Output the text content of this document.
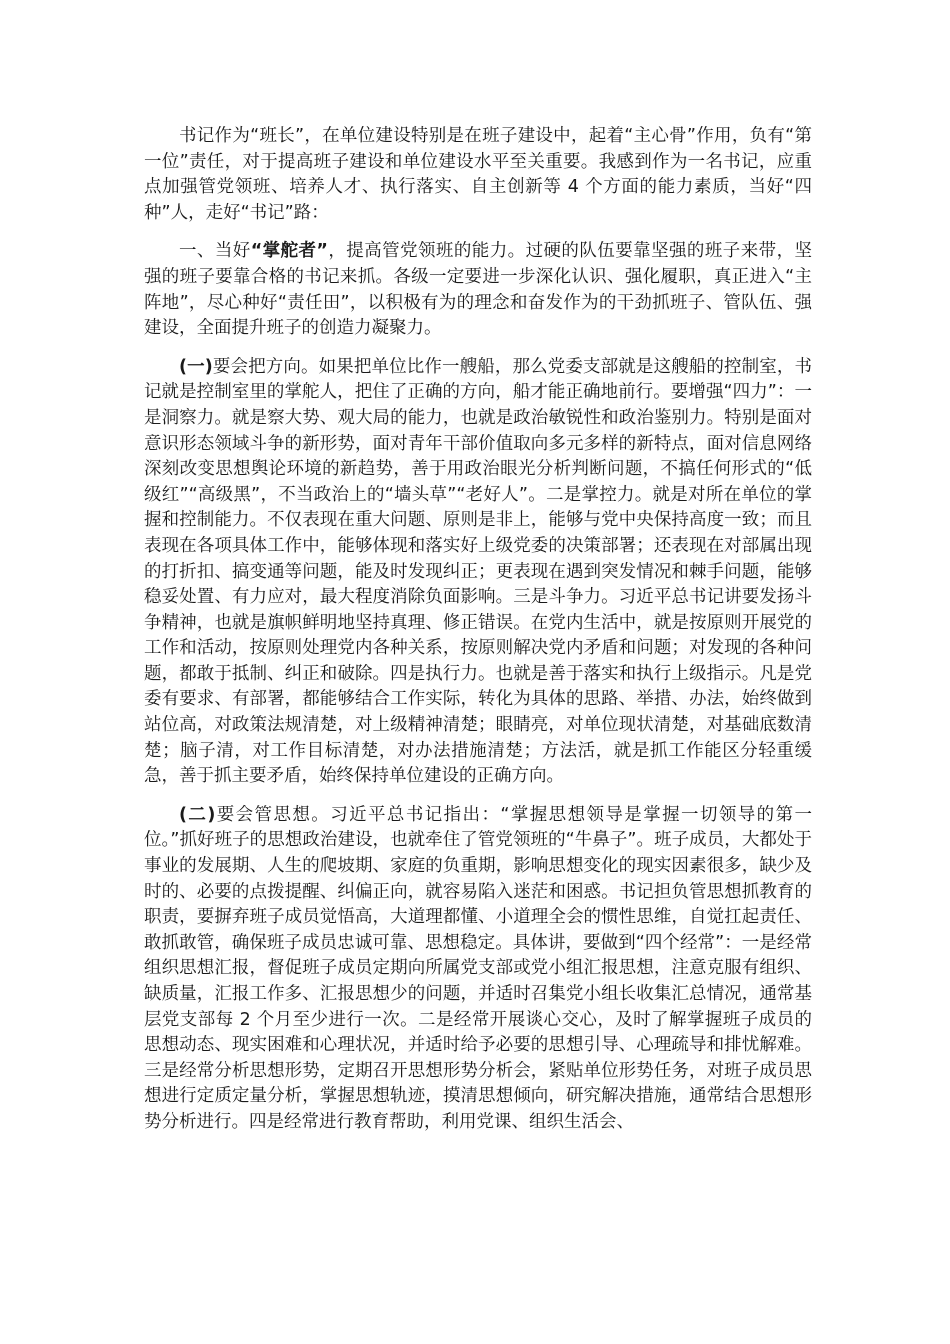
书记作为“班长”，在单位建设特别是在班子建设中，起着“主心骨”作用，负有“第一位”责任，对于提高班子建设和单位建设水平至关重要。我感到作为一名书记，应重点加强管党领班、培养人才、执行落实、自主创新等 4 个方面的能力素质，当好“四种”人，走好“书记”路：

一、当好“掌舵者”，提高管党领班的能力。过硬的队伍要靠坚强的班子来带，坚强的班子要靠合格的书记来抓。各级一定要进一步深化认识、强化履职，真正进入“主阵地”，尽心种好“责任田”，以积极有为的理念和奋发作为的干劲抓班子、管队伍、强建设，全面提升班子的创造力凝聚力。

(一)要会把方向。如果把单位比作一艘船，那么党委支部就是这艘船的控制室，书记就是控制室里的掌舵人，把住了正确的方向，船才能正确地前行。要增强“四力”：一是洞察力。就是察大势、观大局的能力，也就是政治敏锐性和政治鉴别力。特别是面对意识形态领域斗争的新形势，面对青年干部价值取向多元多样的新特点，面对信息网络深刻改变思想舆论环境的新趋势，善于用政治眼光分析判断问题，不搞任何形式的“低级红”“高级黑”，不当政治上的“墙头草”“老好人”。二是掌控力。就是对所在单位的掌握和控制能力。不仅表现在重大问题、原则是非上，能够与党中央保持高度一致；而且表现在各项具体工作中，能够体现和落实好上级党委的决策部署；还表现在对部属出现的打折扣、搞变通等问题，能及时发现纠正；更表现在遇到突发情况和棘手问题，能够稳妥处置、有力应对，最大程度消除负面影响。三是斗争力。习近平总书记讲要发扬斗争精神，也就是旗帜鲜明地坚持真理、修正错误。在党内生活中，就是按原则开展党的工作和活动，按原则处理党内各种关系，按原则解决党内矛盾和问题；对发现的各种问题，都敢于抵制、纠正和破除。四是执行力。也就是善于落实和执行上级指示。凡是党委有要求、有部署，都能够结合工作实际，转化为具体的思路、举措、办法，始终做到站位高，对政策法规清楚，对上级精神清楚；眼睛亮，对单位现状清楚，对基础底数清楚；脑子清，对工作目标清楚，对办法措施清楚；方法活，就是抓工作能区分轻重缓急，善于抓主要矛盾，始终保持单位建设的正确方向。

(二)要会管思想。习近平总书记指出：“掌握思想领导是掌握一切领导的第一位。”抓好班子的思想政治建设，也就牵住了管党领班的“牛鼻子”。班子成员，大都处于事业的发展期、人生的爬坡期、家庭的负重期，影响思想变化的现实因素很多，缺少及时的、必要的点拨提醒、纠偏正向，就容易陷入迷茫和困惑。书记担负管思想抓教育的职责，要摒弃班子成员觉悟高，大道理都懂、小道理全会的惯性思维，自觉扛起责任、敢抓敢管，确保班子成员忠诚可靠、思想稳定。具体讲，要做到“四个经常”：一是经常组织思想汇报，督促班子成员定期向所属党支部或党小组汇报思想，注意克服有组织、缺质量，汇报工作多、汇报思想少的问题，并适时召集党小组长收集汇总情况，通常基层党支部每 2 个月至少进行一次。二是经常开展谈心交心，及时了解掌握班子成员的思想动态、现实困难和心理状况，并适时给予必要的思想引导、心理疏导和排忧解难。三是经常分析思想形势，定期召开思想形势分析会，紧贴单位形势任务，对班子成员思想进行定质定量分析，掌握思想轨迹，摸清思想倾向，研究解决措施，通常结合思想形势分析进行。四是经常进行教育帮助，利用党课、组织生活会、
